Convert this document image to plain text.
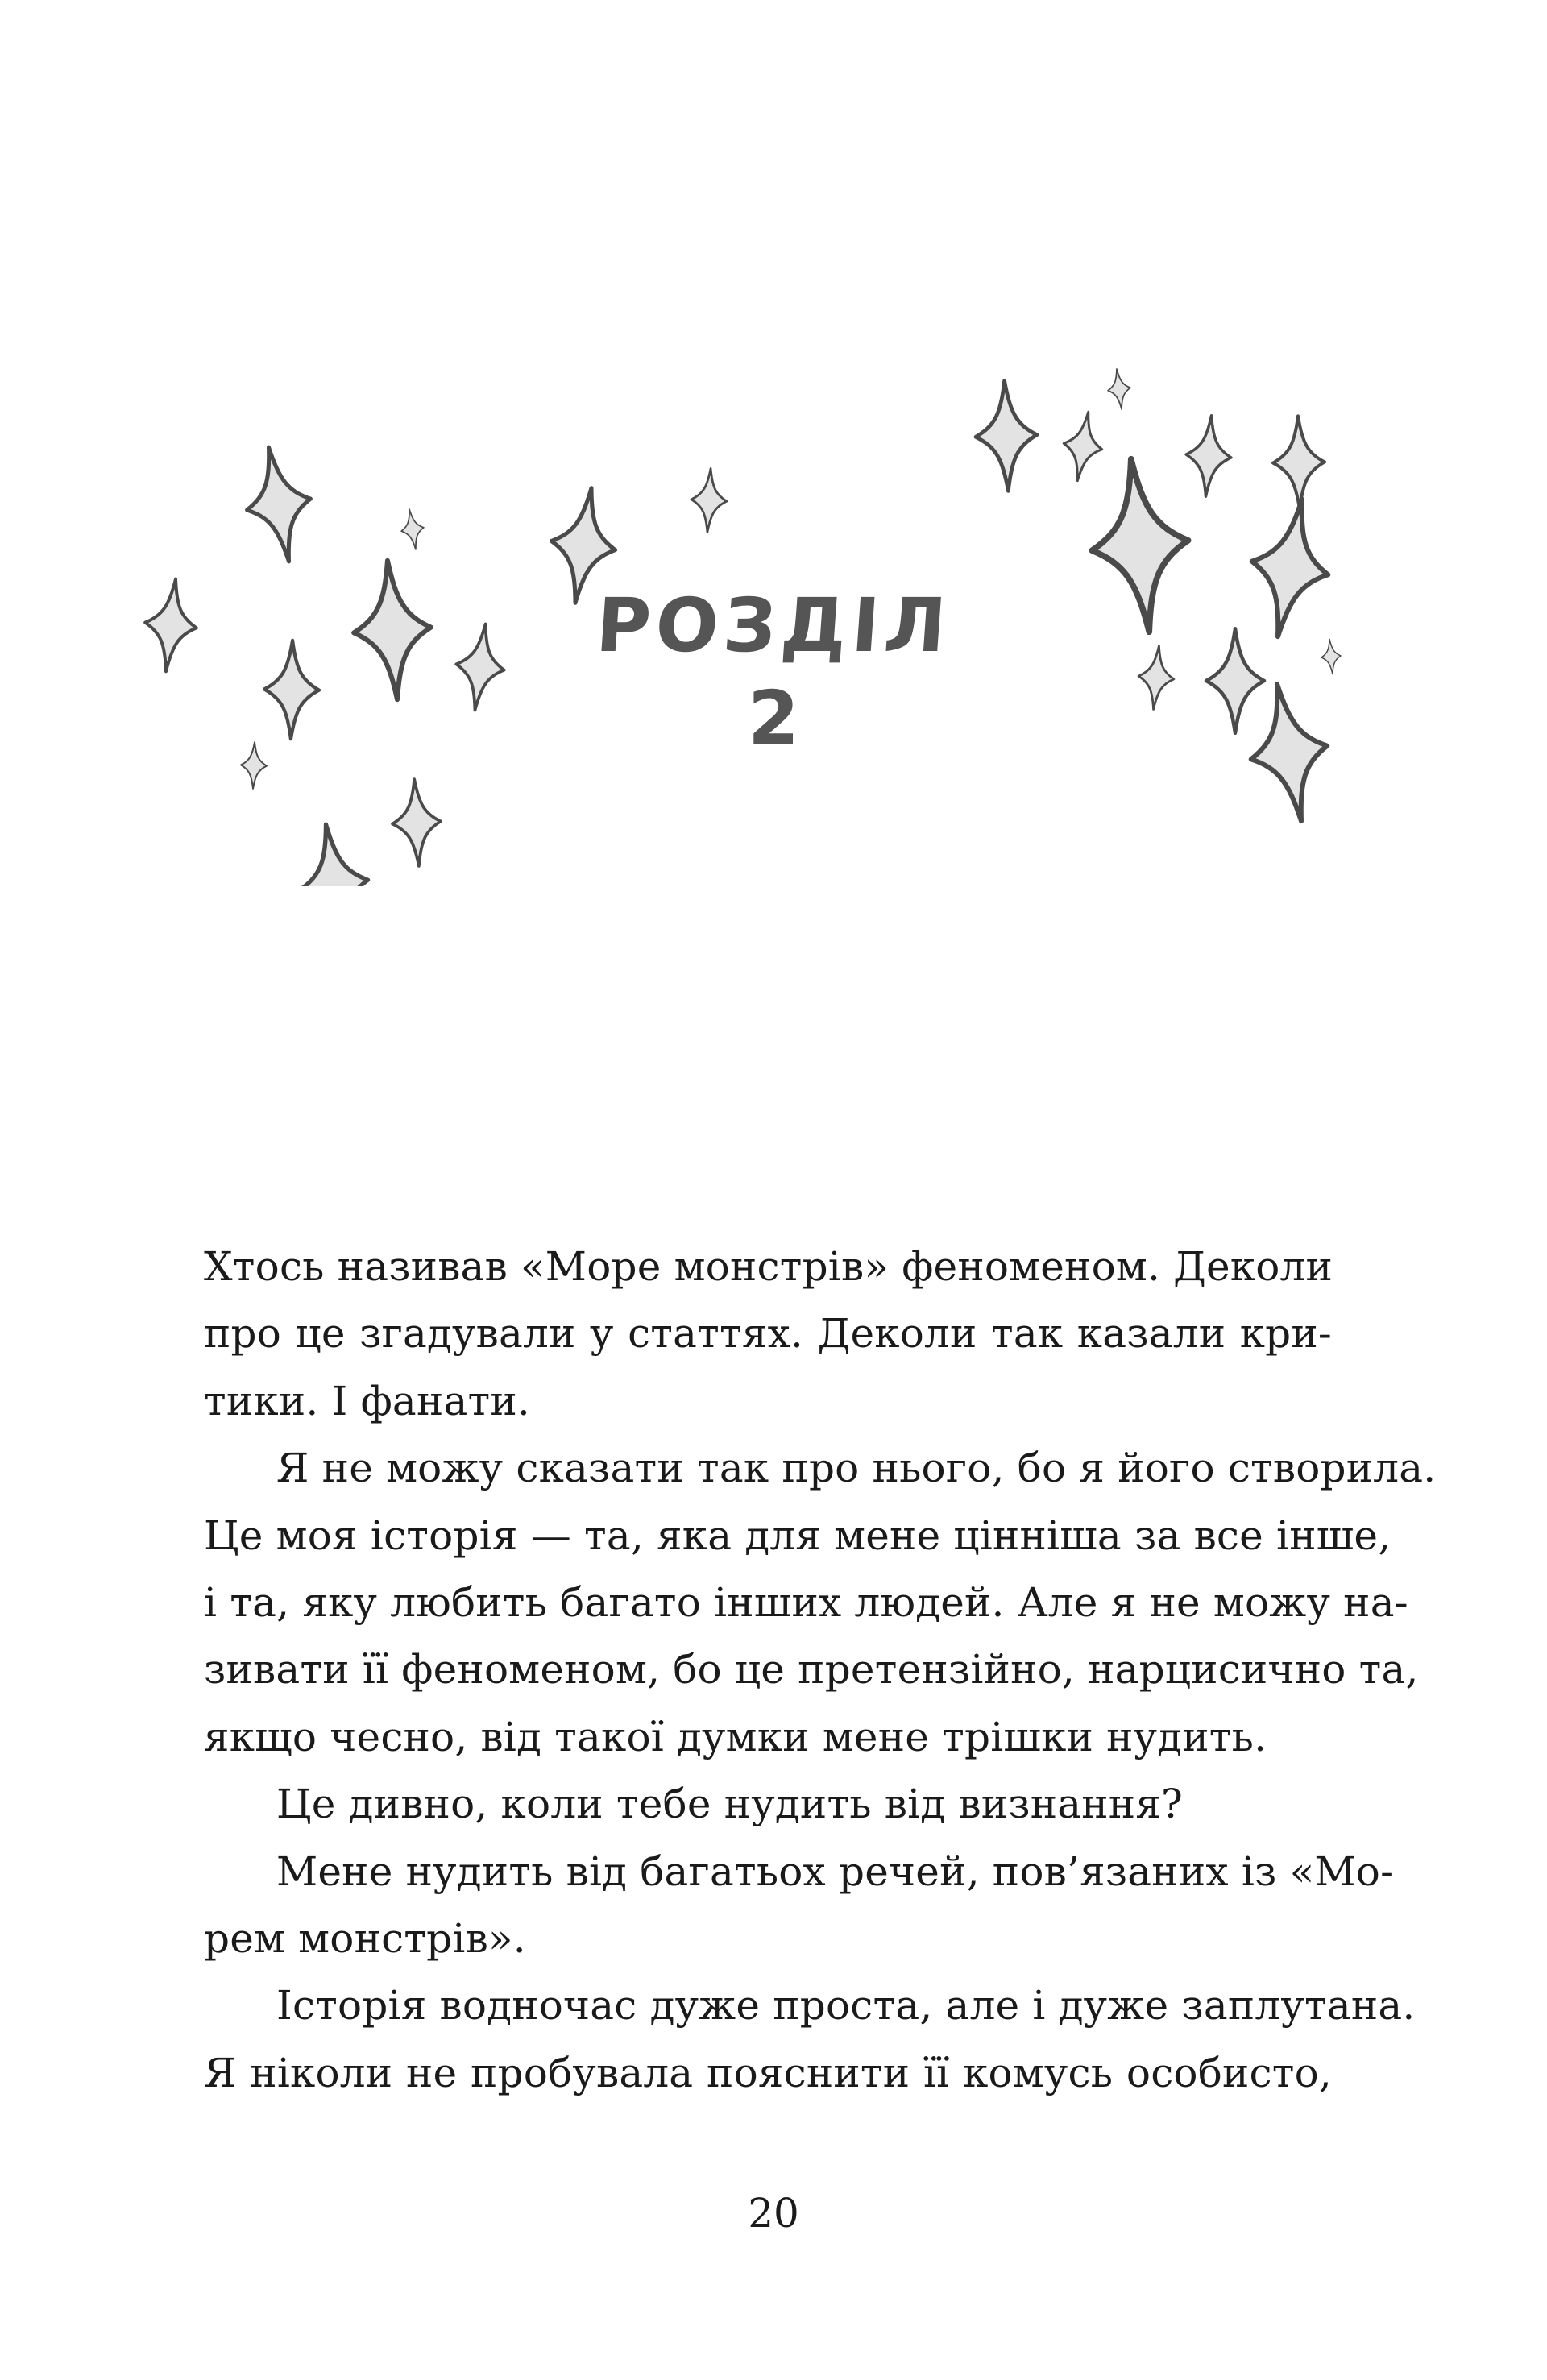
РОЗДІЛ
2
Хтось називав «Море монстрів» феноменом. Деколи
про це згадували у статтях. Деколи так казали кри-
тики. І фанати.
Я не можу сказати так про нього, бо я його створила.
Це моя історія — та, яка для мене цінніша за все інше,
і та, яку любить багато інших людей. Але я не можу на-
зивати її феноменом, бо це претензійно, нарцисично та,
якщо чесно, від такої думки мене трішки нудить.
Це дивно, коли тебе нудить від визнання?
Мене нудить від багатьох речей, пов’язаних із «Мо-
рем монстрів».
Історія водночас дуже проста, але і дуже заплутана.
Я ніколи не пробувала пояснити її комусь особисто,
20
